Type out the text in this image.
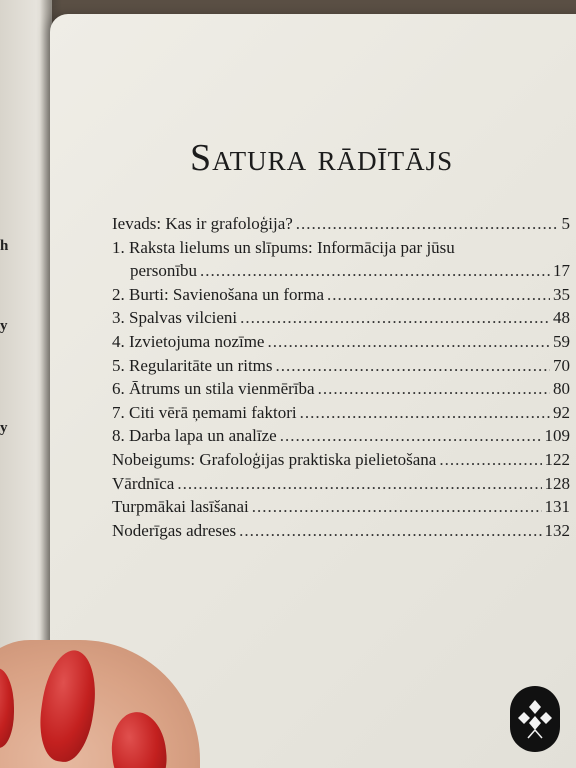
h
y
y
Satura rādītājs
Ievads: Kas ir grafoloģija? .....	5
1. Raksta lielums un slīpums: Informācija par jūsu
personību .....	17
2. Burti: Savienošana un forma .....	35
3. Spalvas vilcieni .....	48
4. Izvietojuma nozīme .....	59
5. Regularitāte un ritms .....	70
6. Ātrums un stila vienmērība .....	80
7. Citi vērā ņemami faktori .....	92
8. Darba lapa un analīze .....	109
Nobeigums: Grafoloģijas praktiska pielietošana .....	122
Vārdnīca .....	128
Turpmākai lasīšanai .....	131
Noderīgas adreses .....	132
